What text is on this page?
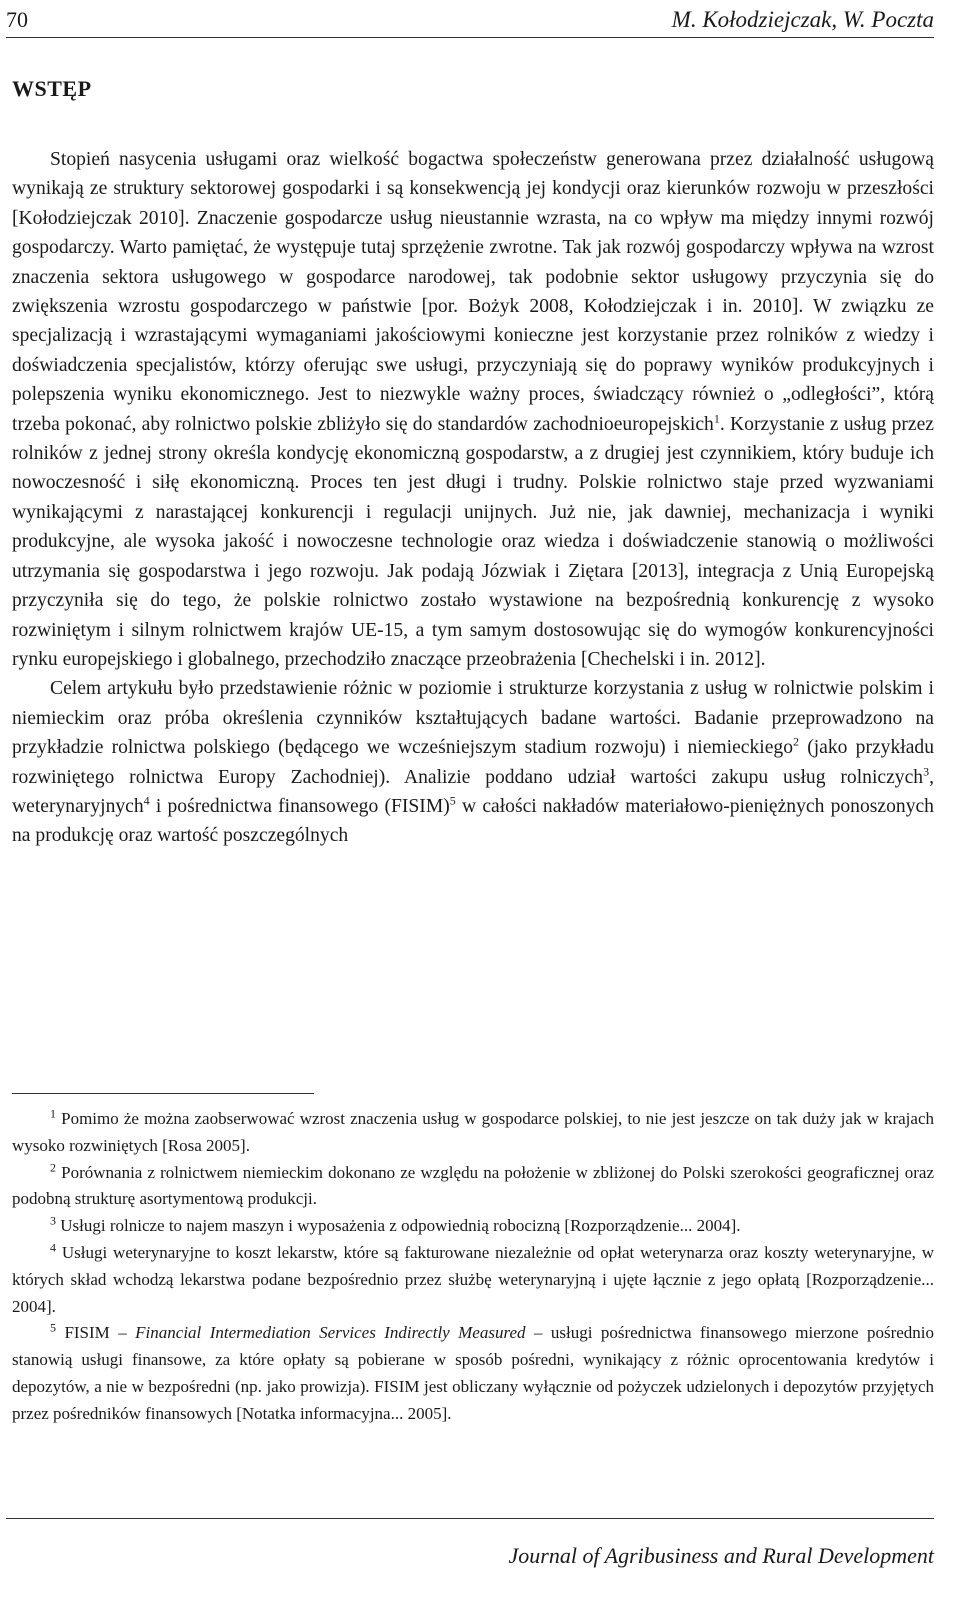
70	M. Kołodziejczak, W. Poczta
WSTĘP

Stopień nasycenia usługami oraz wielkość bogactwa społeczeństw generowana przez działalność usługową wynikają ze struktury sektorowej gospodarki i są konsekwencją jej kondycji oraz kierunków rozwoju w przeszłości [Kołodziejczak 2010]. Znaczenie gospodarcze usług nieustannie wzrasta, na co wpływ ma między innymi rozwój gospodarczy. Warto pamiętać, że występuje tutaj sprzężenie zwrotne. Tak jak rozwój gospodarczy wpływa na wzrost znaczenia sektora usługowego w gospodarce narodowej, tak podobnie sektor usługowy przyczynia się do zwiększenia wzrostu gospodarczego w państwie [por. Bożyk 2008, Kołodziejczak i in. 2010]. W związku ze specjalizacją i wzrastającymi wymaganiami jakościowymi konieczne jest korzystanie przez rolników z wiedzy i doświadczenia specjalistów, którzy oferując swe usługi, przyczyniają się do poprawy wyników produkcyjnych i polepszenia wyniku ekonomicznego. Jest to niezwykle ważny proces, świadczący również o „odległości”, którą trzeba pokonać, aby rolnictwo polskie zbliżyło się do standardów zachodnioeuropejskich$^1$. Korzystanie z usług przez rolników z jednej strony określa kondycję ekonomiczną gospodarstw, a z drugiej jest czynnikiem, który buduje ich nowoczesność i siłę ekonomiczną. Proces ten jest długi i trudny. Polskie rolnictwo staje przed wyzwaniami wynikającymi z narastającej konkurencji i regulacji unijnych. Już nie, jak dawniej, mechanizacja i wyniki produkcyjne, ale wysoka jakość i nowoczesne technologie oraz wiedza i doświadczenie stanowią o możliwości utrzymania się gospodarstwa i jego rozwoju. Jak podają Józwiak i Ziętara [2013], integracja z Unią Europejską przyczyniła się do tego, że polskie rolnictwo zostało wystawione na bezpośrednią konkurencję z wysoko rozwiniętym i silnym rolnictwem krajów UE-15, a tym samym dostosowując się do wymogów konkurencyjności rynku europejskiego i globalnego, przechodziło znaczące przeobrażenia [Chechelski i in. 2012].

Celem artykułu było przedstawienie różnic w poziomie i strukturze korzystania z usług w rolnictwie polskim i niemieckim oraz próba określenia czynników kształtujących badane wartości. Badanie przeprowadzono na przykładzie rolnictwa polskiego (będącego we wcześniejszym stadium rozwoju) i niemieckiego$^2$ (jako przykładu rozwiniętego rolnictwa Europy Zachodniej). Analizie poddano udział wartości zakupu usług rolniczych$^3$, weterynaryjnych$^4$ i pośrednictwa finansowego (FISIM)$^5$ w całości nakładów materiałowo-pieniężnych ponoszonych na produkcję oraz wartość poszczególnych

$^1$ Pomimo że można zaobserwować wzrost znaczenia usług w gospodarce polskiej, to nie jest jeszcze on tak duży jak w krajach wysoko rozwiniętych [Rosa 2005].

$^2$ Porównania z rolnictwem niemieckim dokonano ze względu na położenie w zbliżonej do Polski szerokości geograficznej oraz podobną strukturę asortymentową produkcji.

$^3$ Usługi rolnicze to najem maszyn i wyposażenia z odpowiednią robocizną [Rozporządzenie... 2004].

$^4$ Usługi weterynaryjne to koszt lekarstw, które są fakturowane niezależnie od opłat weterynarza oraz koszty weterynaryjne, w których skład wchodzą lekarstwa podane bezpośrednio przez służbę weterynaryjną i ujęte łącznie z jego opłatą [Rozporządzenie... 2004].

$^5$ FISIM – Financial Intermediation Services Indirectly Measured – usługi pośrednictwa finansowego mierzone pośrednio stanowią usługi finansowe, za które opłaty są pobierane w sposób pośredni, wynikający z różnic oprocentowania kredytów i depozytów, a nie w bezpośredni (np. jako prowizja). FISIM jest obliczany wyłącznie od pożyczek udzielonych i depozytów przyjętych przez pośredników finansowych [Notatka informacyjna... 2005].

Journal of Agribusiness and Rural Development
